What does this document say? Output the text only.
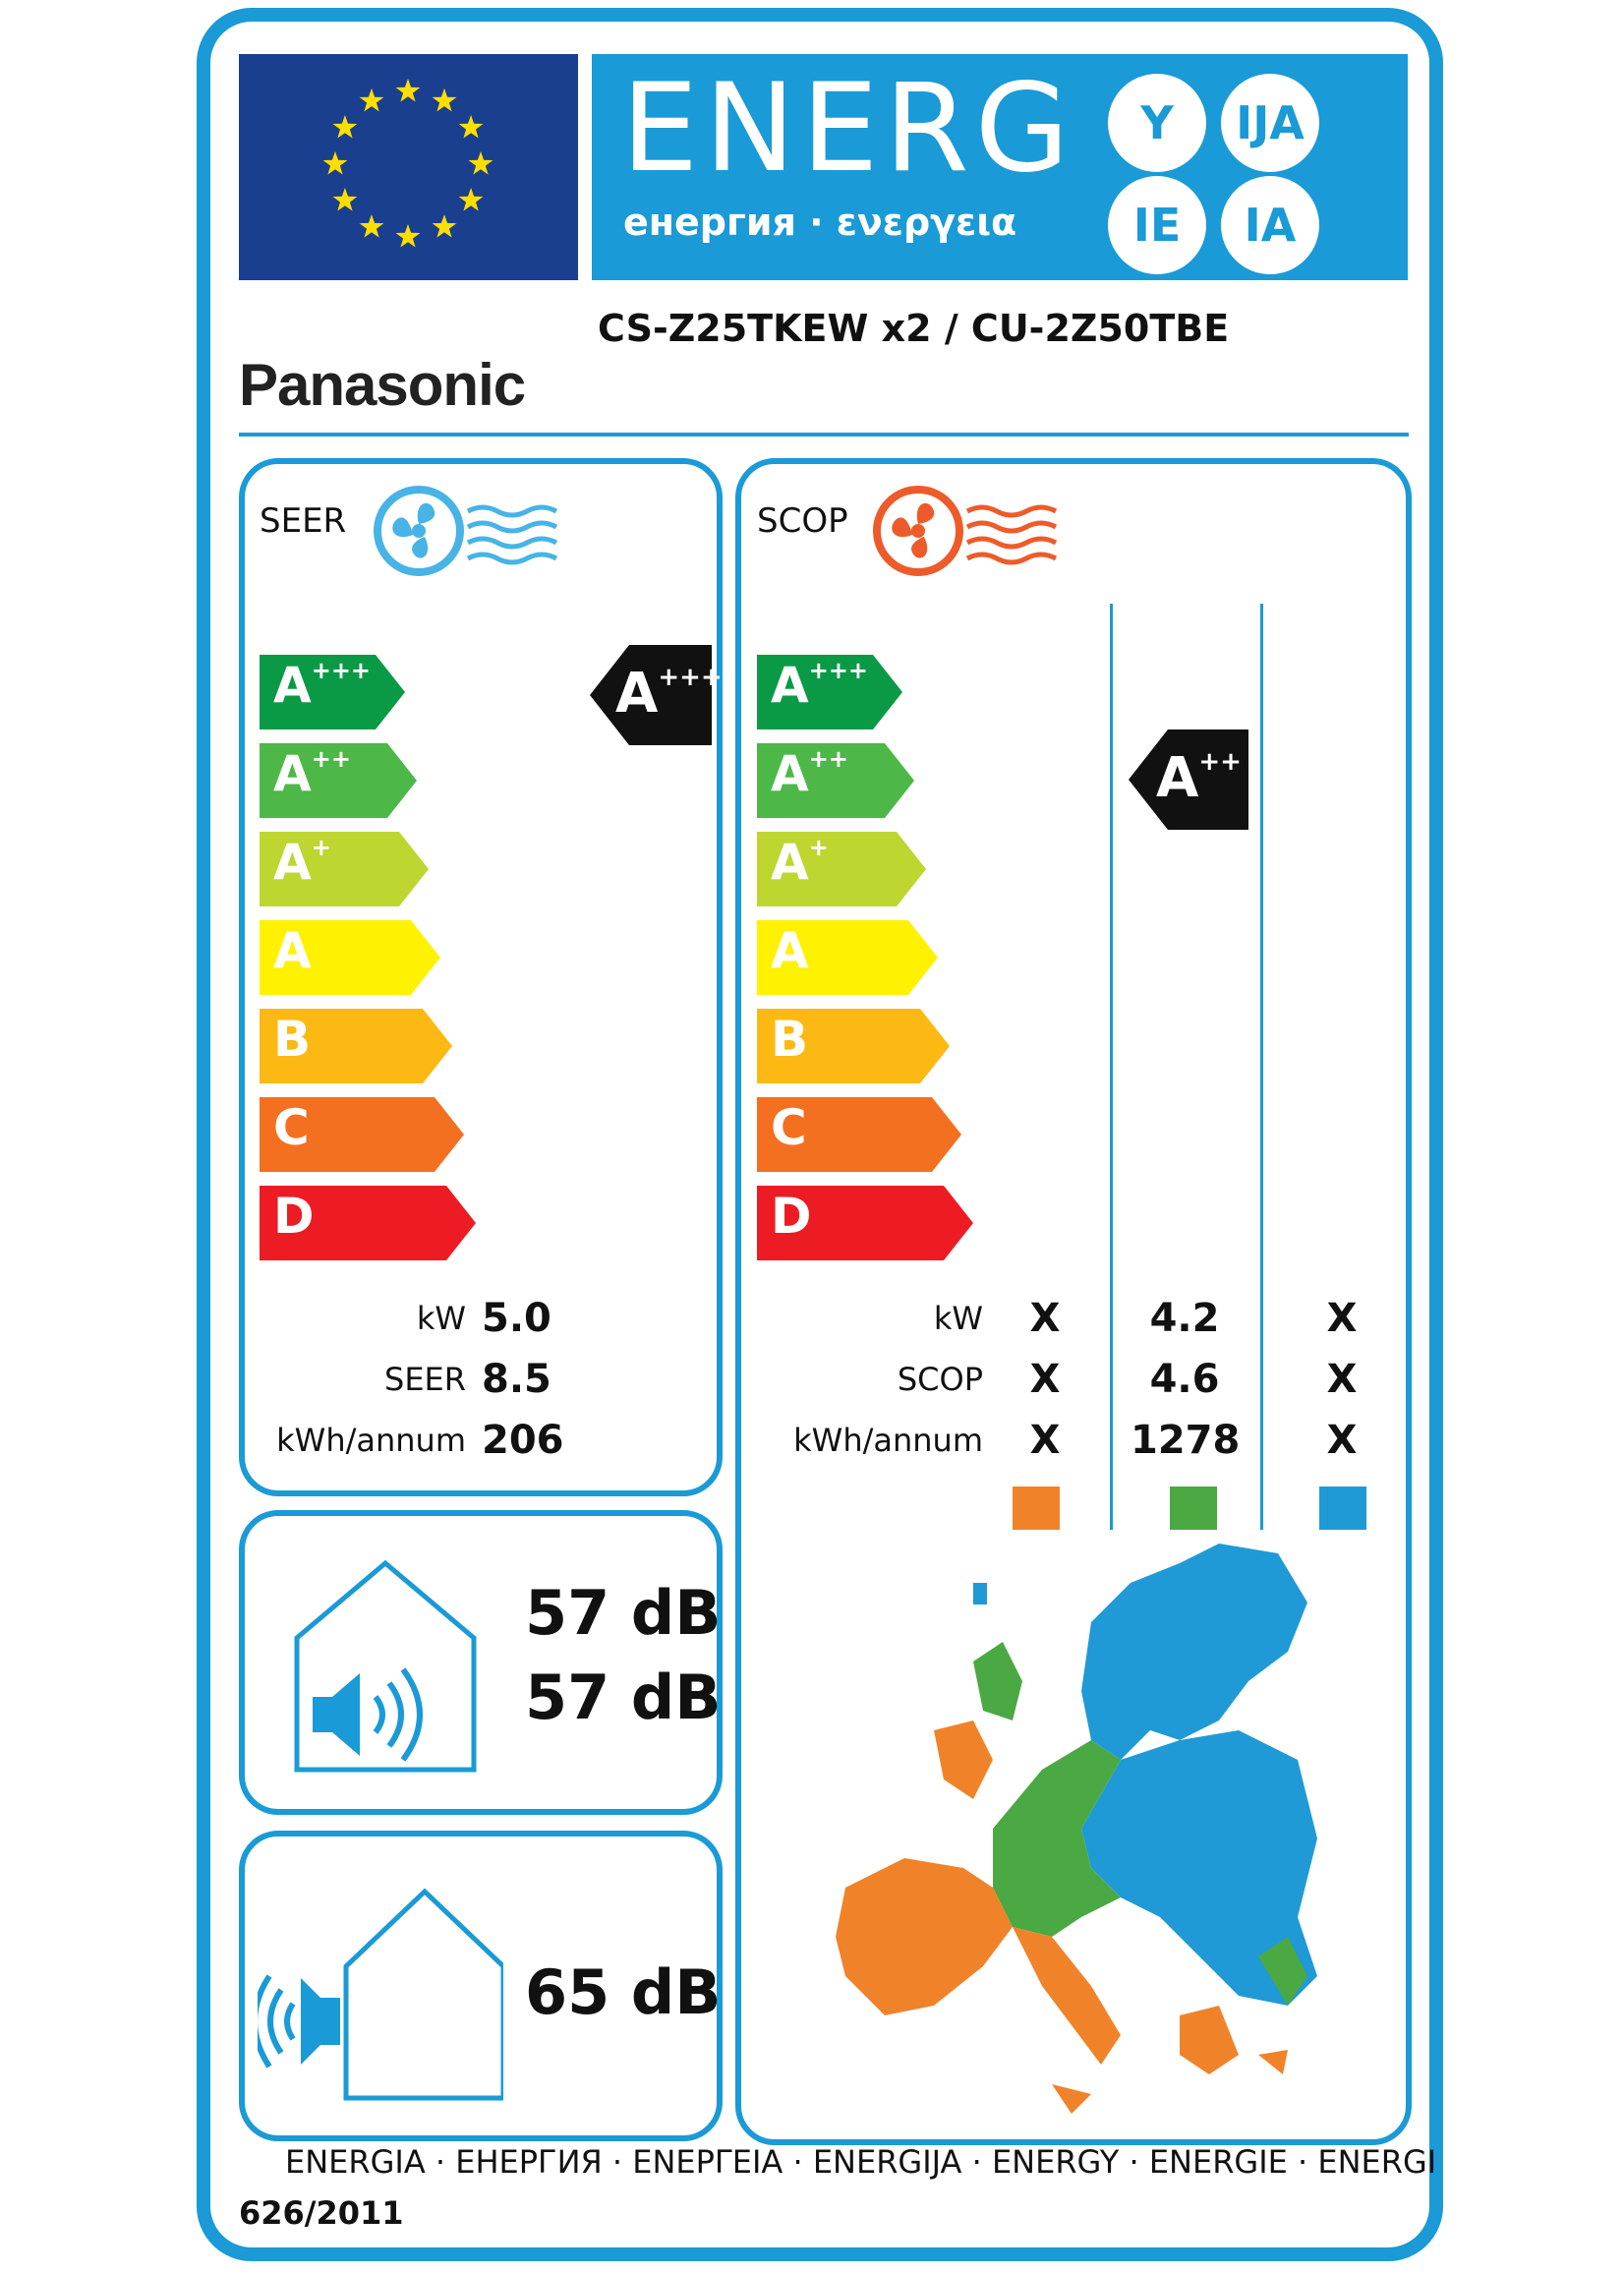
ENERG
енергия · ενεργεια
Y	IJA
IE	IA
CS-Z25TKEW x2 / CU-2Z50TBE
Panasonic
SEER
A+++
A++
A+
A
B
C
D
A+++
kW 5.0
SEER 8.5
kWh/annum 206
SCOP
A+++
A++
A+
A
B
C
D
A++
kW
SCOP
kWh/annum
X
X
X
4.2
4.6
1278
X
X
X
57 dB
57 dB
65 dB
ENERGIA · ЕНЕРГИЯ · ΕΝΕΡΓΕΙΑ · ENERGIJA · ENERGY · ENERGIE · ENERGI
626/2011
